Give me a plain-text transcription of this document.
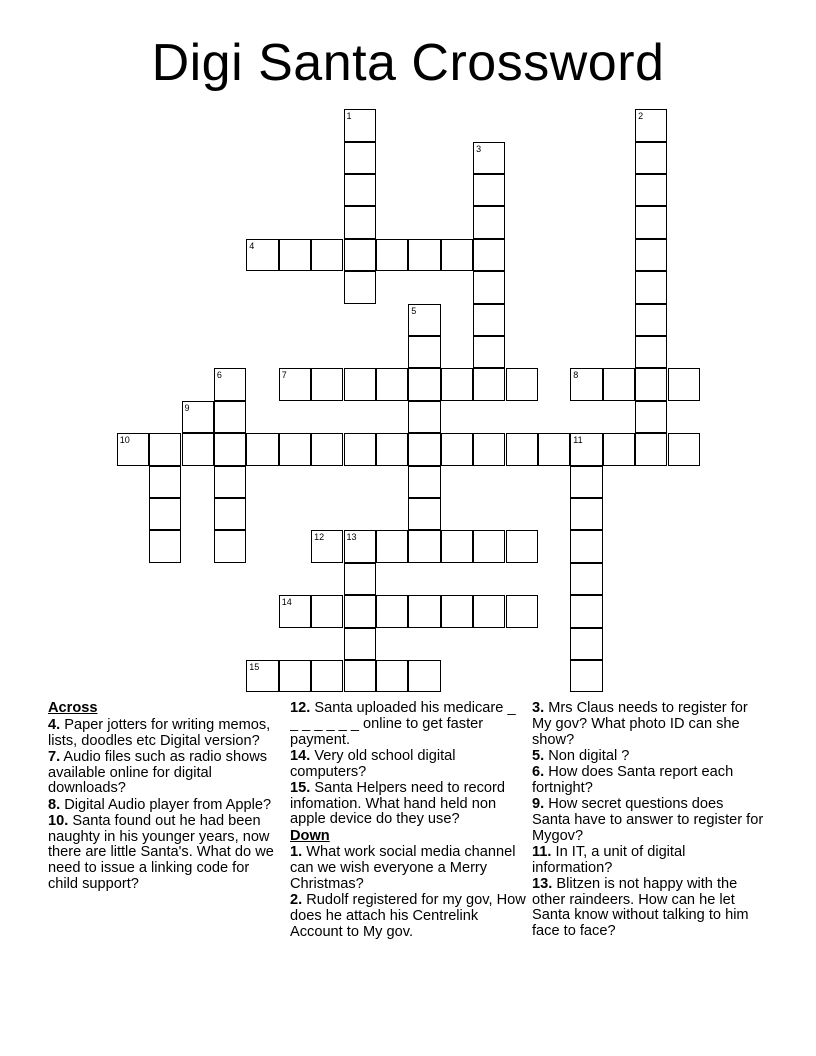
Digi Santa Crossword
1	2
3
4
5
6	7	8
9
10	11
12 13
14
15
Across

4. Paper jotters for writing memos, lists, doodles etc Digital version?

7. Audio files such as radio shows available online for digital downloads?

8. Digital Audio player from Apple?

10. Santa found out he had been naughty in his younger years, now there are little Santa's. What do we need to issue a linking code for child support?

12. Santa uploaded his medicare _ _ _ _ _ _ _ online to get faster payment.

14. Very old school digital computers?

15. Santa Helpers need to record infomation. What hand held non apple device do they use?

Down

1. What work social media channel can we wish everyone a Merry Christmas?

2. Rudolf registered for my gov, How does he attach his Centrelink Account to My gov.

3. Mrs Claus needs to register for My gov? What photo ID can she show?

5. Non digital ?

6. How does Santa report each fortnight?

9. How secret questions does Santa have to answer to register for Mygov?

11. In IT, a unit of digital information?

13. Blitzen is not happy with the other raindeers. How can he let Santa know without talking to him face to face?
